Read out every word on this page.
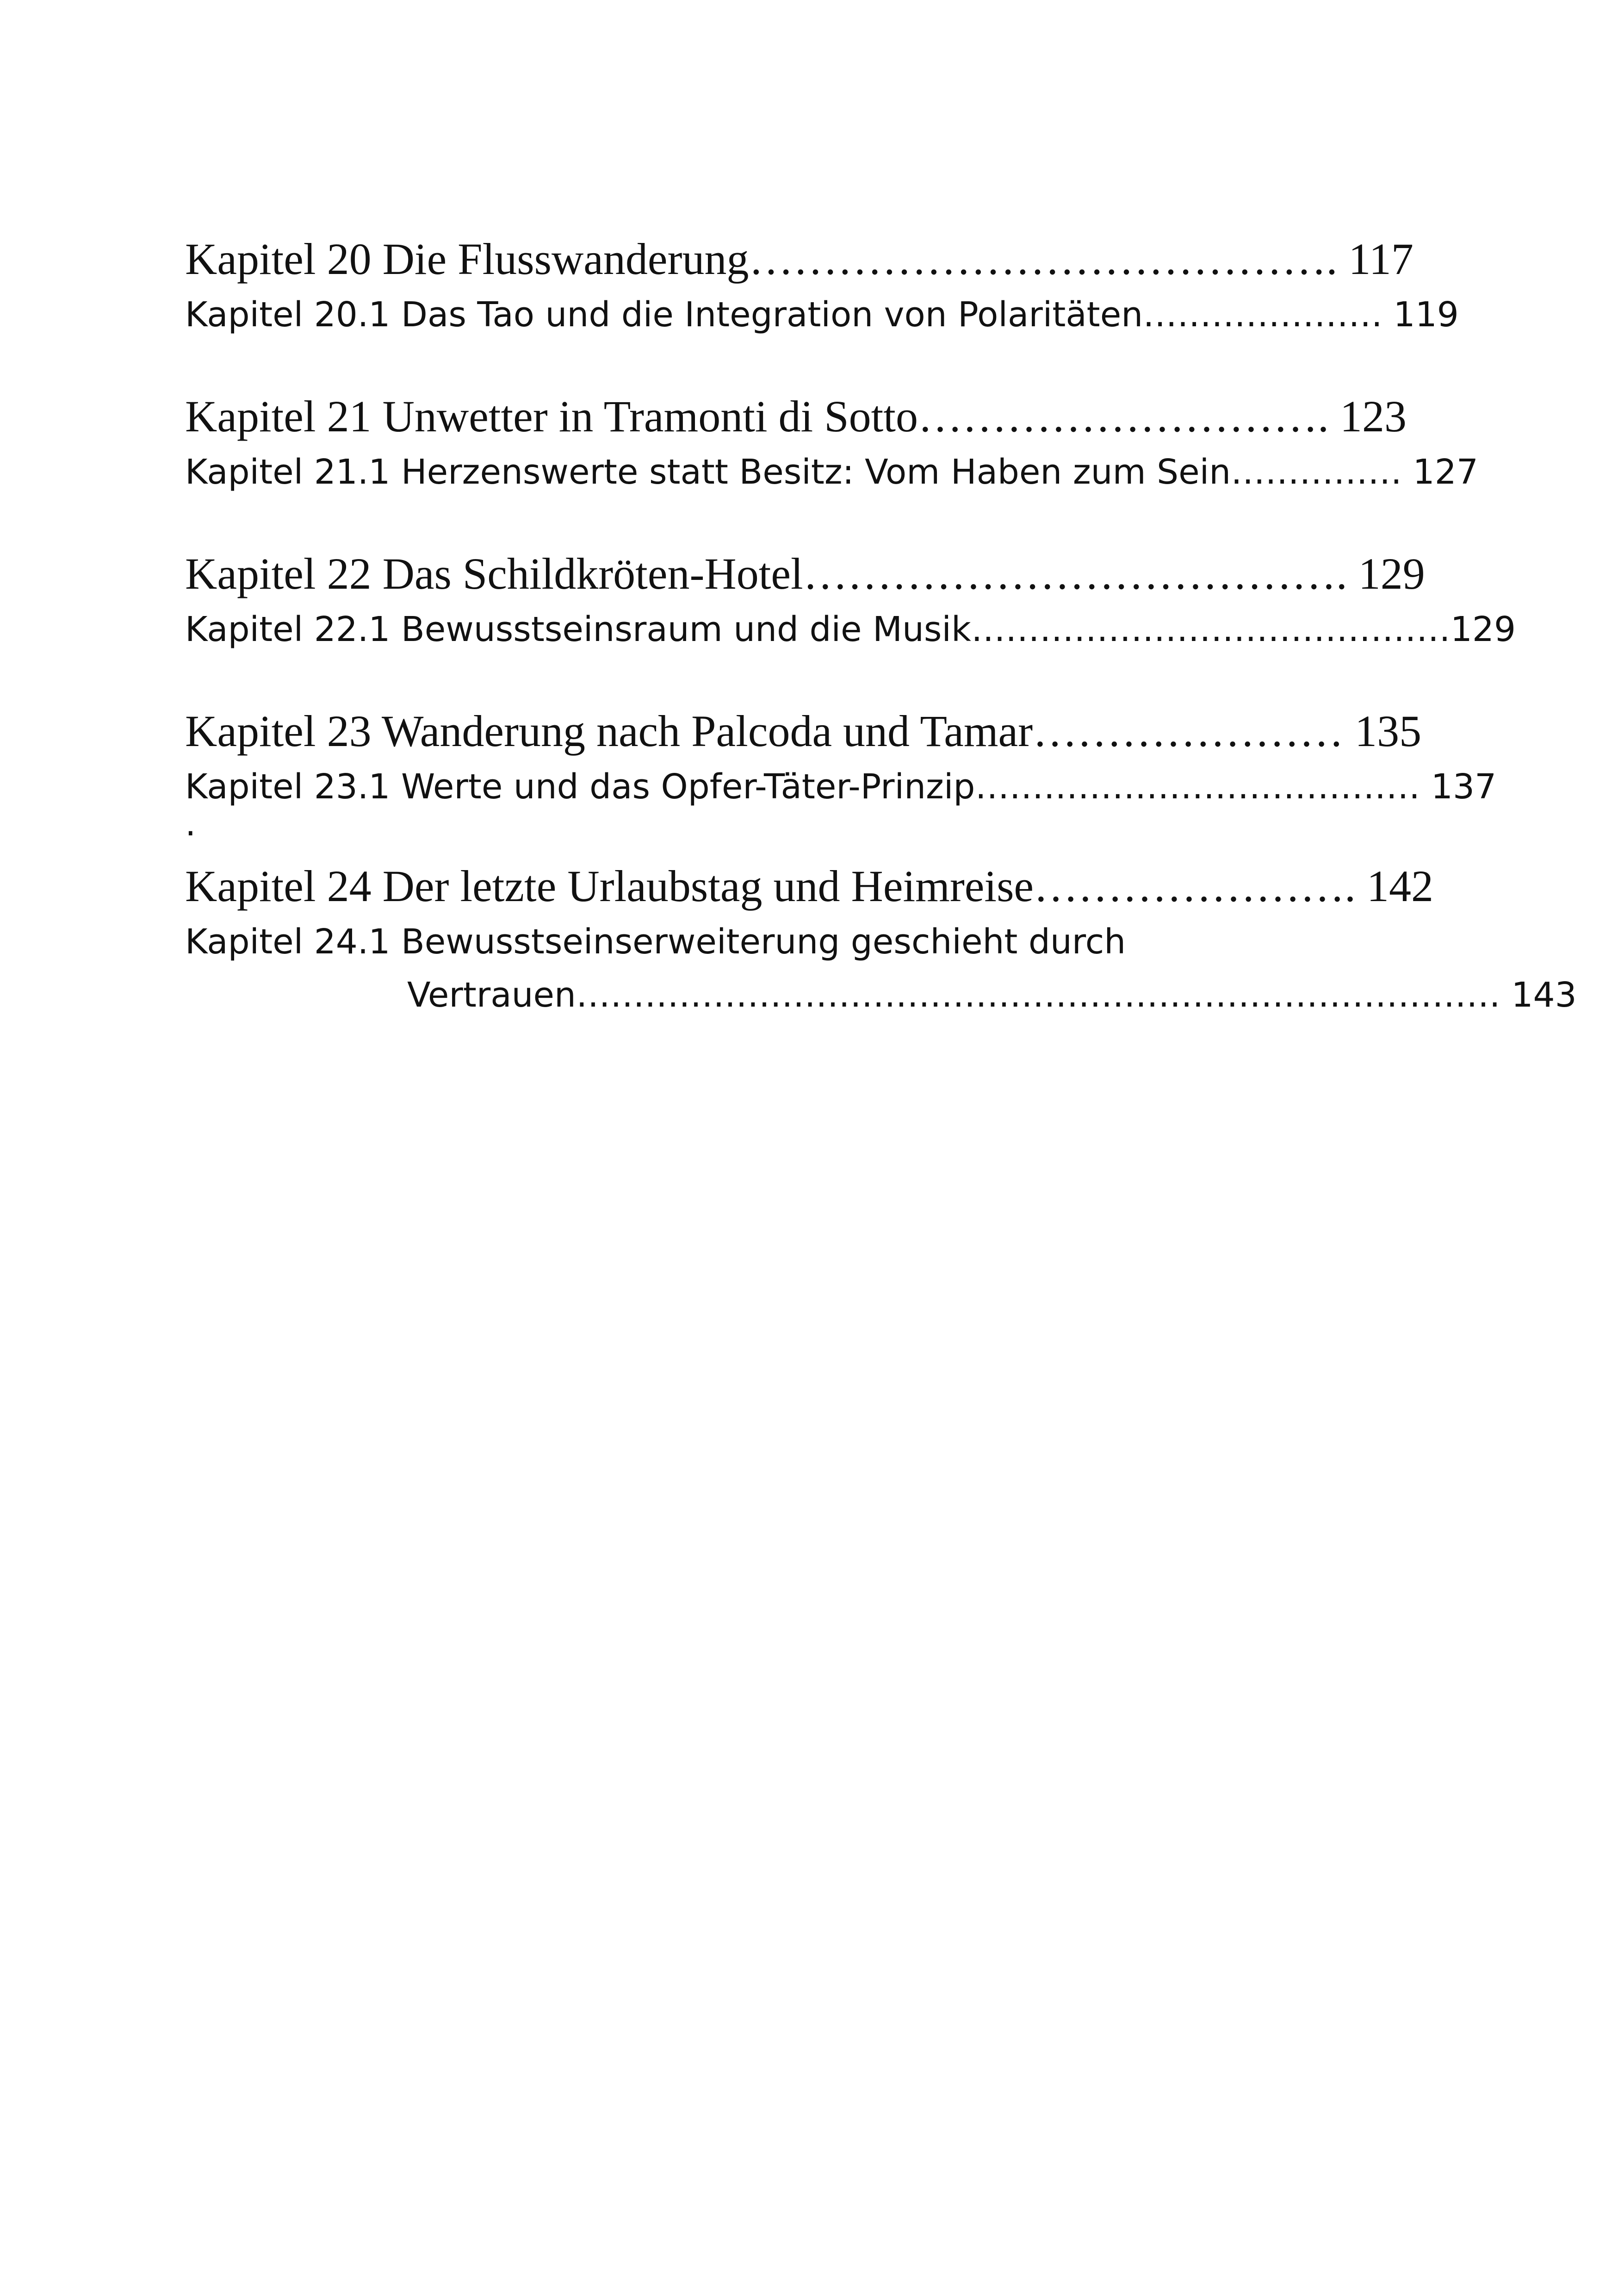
Kapitel 20 Die Flusswanderung…………………………………. 117
Kapitel 20.1 Das Tao und die Integration von Polaritäten………………… 119
Kapitel 21 Unwetter in Tramonti di Sotto………………………. 123
Kapitel 21.1 Herzenswerte statt Besitz: Vom Haben zum Sein…………… 127
Kapitel 22 Das Schildkröten-Hotel………………………………. 129
Kapitel 22.1 Bewusstseinsraum und die Musik……………………………………129
Kapitel 23 Wanderung nach Palcoda und Tamar………………… 135
Kapitel 23.1 Werte und das Opfer-Täter-Prinzip………………………………… 137
.
Kapitel 24 Der letzte Urlaubstag und Heimreise…………………. 142
Kapitel 24.1 Bewusstseinserweiterung geschieht durch
Vertrauen……………………………………………………………………… 143
